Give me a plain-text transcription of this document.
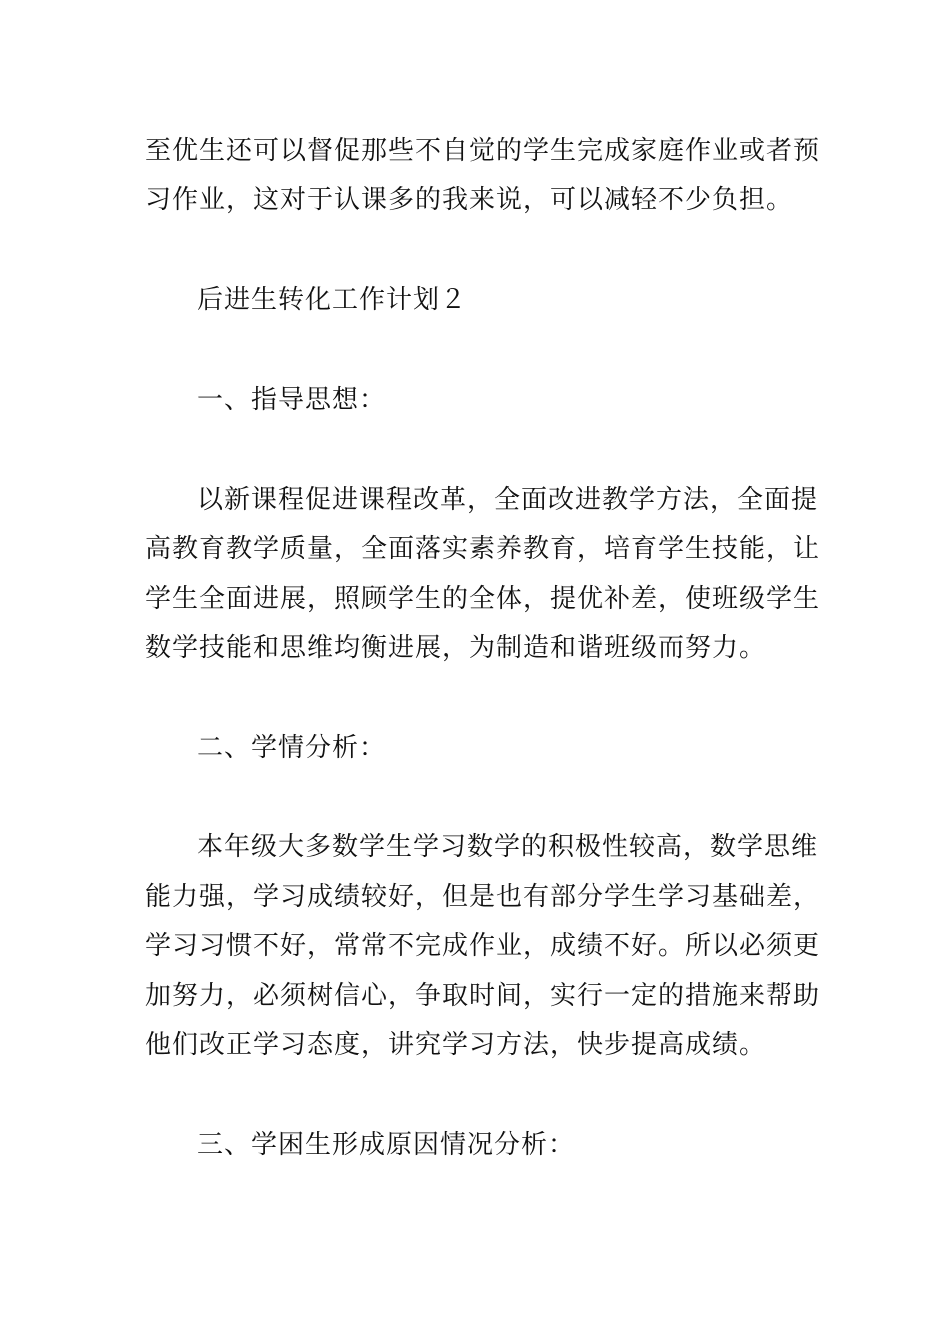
至优生还可以督促那些不自觉的学生完成家庭作业或者预
习作业，这对于认课多的我来说，可以减轻不少负担。
后进生转化工作计划２
一、指导思想：
以新课程促进课程改革，全面改进教学方法，全面提
高教育教学质量，全面落实素养教育，培育学生技能，让
学生全面进展，照顾学生的全体，提优补差，使班级学生
数学技能和思维均衡进展，为制造和谐班级而努力。
二、学情分析：
本年级大多数学生学习数学的积极性较高，数学思维
能力强，学习成绩较好，但是也有部分学生学习基础差，
学习习惯不好，常常不完成作业，成绩不好。所以必须更
加努力，必须树信心，争取时间，实行一定的措施来帮助
他们改正学习态度，讲究学习方法，快步提高成绩。
三、学困生形成原因情况分析：
